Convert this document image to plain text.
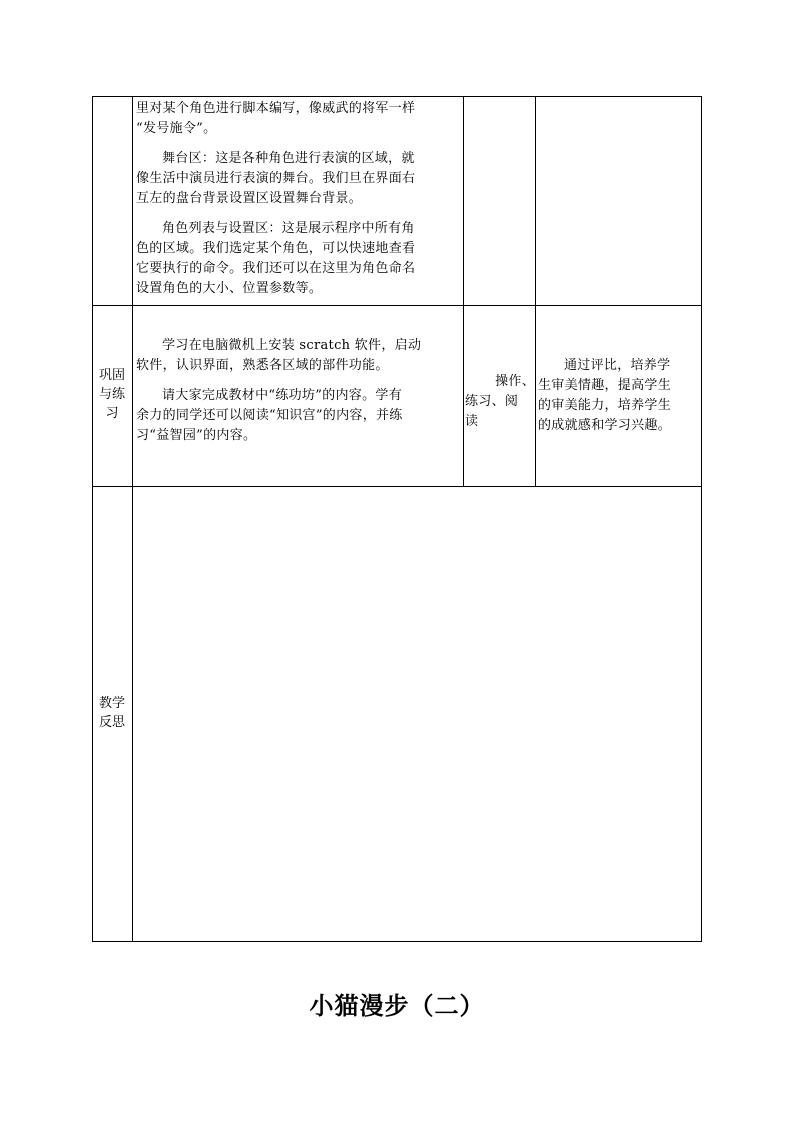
里对某个角色进行脚本编写，像威武的将军一样

“发号施令”。

舞台区：这是各种角色进行表演的区域，就

像生活中演员进行表演的舞台。我们旦在界面右

互左的盘台背景设置区设置舞台背景。

角色列表与设置区：这是展示程序中所有角

色的区域。我们选定某个角色，可以快速地查看

它要执行的命令。我们还可以在这里为角色命名

设置角色的大小、位置参数等。

巩固
与练
习

学习在电脑微机上安装 scratch 软件，启动

软件，认识界面，熟悉各区域的部件功能。

请大家完成教材中“练功坊”的内容。学有

余力的同学还可以阅读“知识宫”的内容，并练

习“益智园”的内容。

操作、

练习、阅

读

通过评比，培养学

生审美情趣，提高学生

的审美能力，培养学生

的成就感和学习兴趣。

教学
反思
小猫漫步（二）
